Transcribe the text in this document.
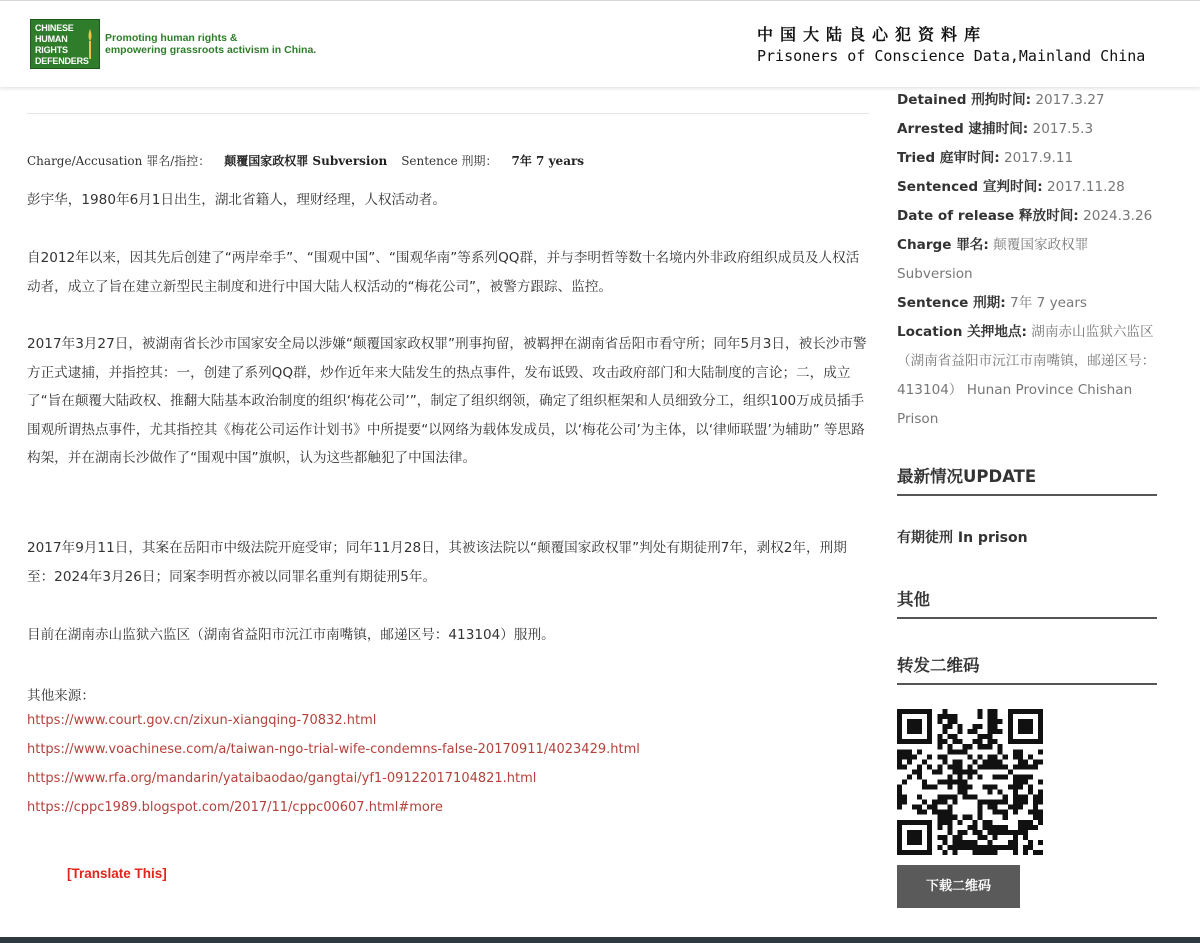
CHINESE
HUMAN
RIGHTS
DEFENDERS
Promoting human rights &
empowering grassroots activism in China.
中国大陆良心犯资料库
Prisoners of Conscience Data,Mainland China
Charge/Accusation 罪名/指控： 颠覆国家政权罪 Subversion Sentence 刑期： 7年 7 years

彭宇华，1980年6月1日出生，湖北省籍人，理财经理，人权活动者。

自2012年以来，因其先后创建了“两岸牵手”、“围观中国”、“围观华南”等系列QQ群，并与李明哲等数十名境内外非政府组织成员及人权活动者，成立了旨在建立新型民主制度和进行中国大陆人权活动的“梅花公司”，被警方跟踪、监控。

2017年3月27日，被湖南省长沙市国家安全局以涉嫌“颠覆国家政权罪”刑事拘留，被羁押在湖南省岳阳市看守所；同年5月3日，被长沙市警方正式逮捕，并指控其：一，创建了系列QQ群，炒作近年来大陆发生的热点事件，发布诋毁、攻击政府部门和大陆制度的言论；二，成立了“旨在颠覆大陆政权、推翻大陆基本政治制度的组织‘梅花公司’”，制定了组织纲领，确定了组织框架和人员细致分工，组织100万成员插手围观所谓热点事件，尤其指控其《梅花公司运作计划书》中所提要“以网络为载体发成员，以‘梅花公司’为主体，以‘律师联盟’为辅助” 等思路构架，并在湖南长沙做作了“围观中国”旗帜，认为这些都触犯了中国法律。

2017年9月11日，其案在岳阳市中级法院开庭受审；同年11月28日，其被该法院以“颠覆国家政权罪”判处有期徒刑7年，剥权2年，刑期至：2024年3月26日；同案李明哲亦被以同罪名重判有期徒刑5年。

目前在湖南赤山监狱六监区（湖南省益阳市沅江市南嘴镇，邮递区号：413104）服刑。

其他来源：
https://www.court.gov.cn/zixun-xiangqing-70832.html
https://www.voachinese.com/a/taiwan-ngo-trial-wife-condemns-false-20170911/4023429.html
https://www.rfa.org/mandarin/yataibaodao/gangtai/yf1-09122017104821.html
https://cppc1989.blogspot.com/2017/11/cppc00607.html#more
[Translate This]
Detained 刑拘时间: 2017.3.27
Arrested 逮捕时间: 2017.5.3
Tried 庭审时间: 2017.9.11
Sentenced 宣判时间: 2017.11.28
Date of release 释放时间: 2024.3.26
Charge 罪名: 颠覆国家政权罪 Subversion
Sentence 刑期: 7年 7 years
Location 关押地点: 湖南赤山监狱六监区（湖南省益阳市沅江市南嘴镇，邮递区号：413104） Hunan Province Chishan Prison
最新情况UPDATE
有期徒刑 In prison
其他
转发二维码
下载二维码
